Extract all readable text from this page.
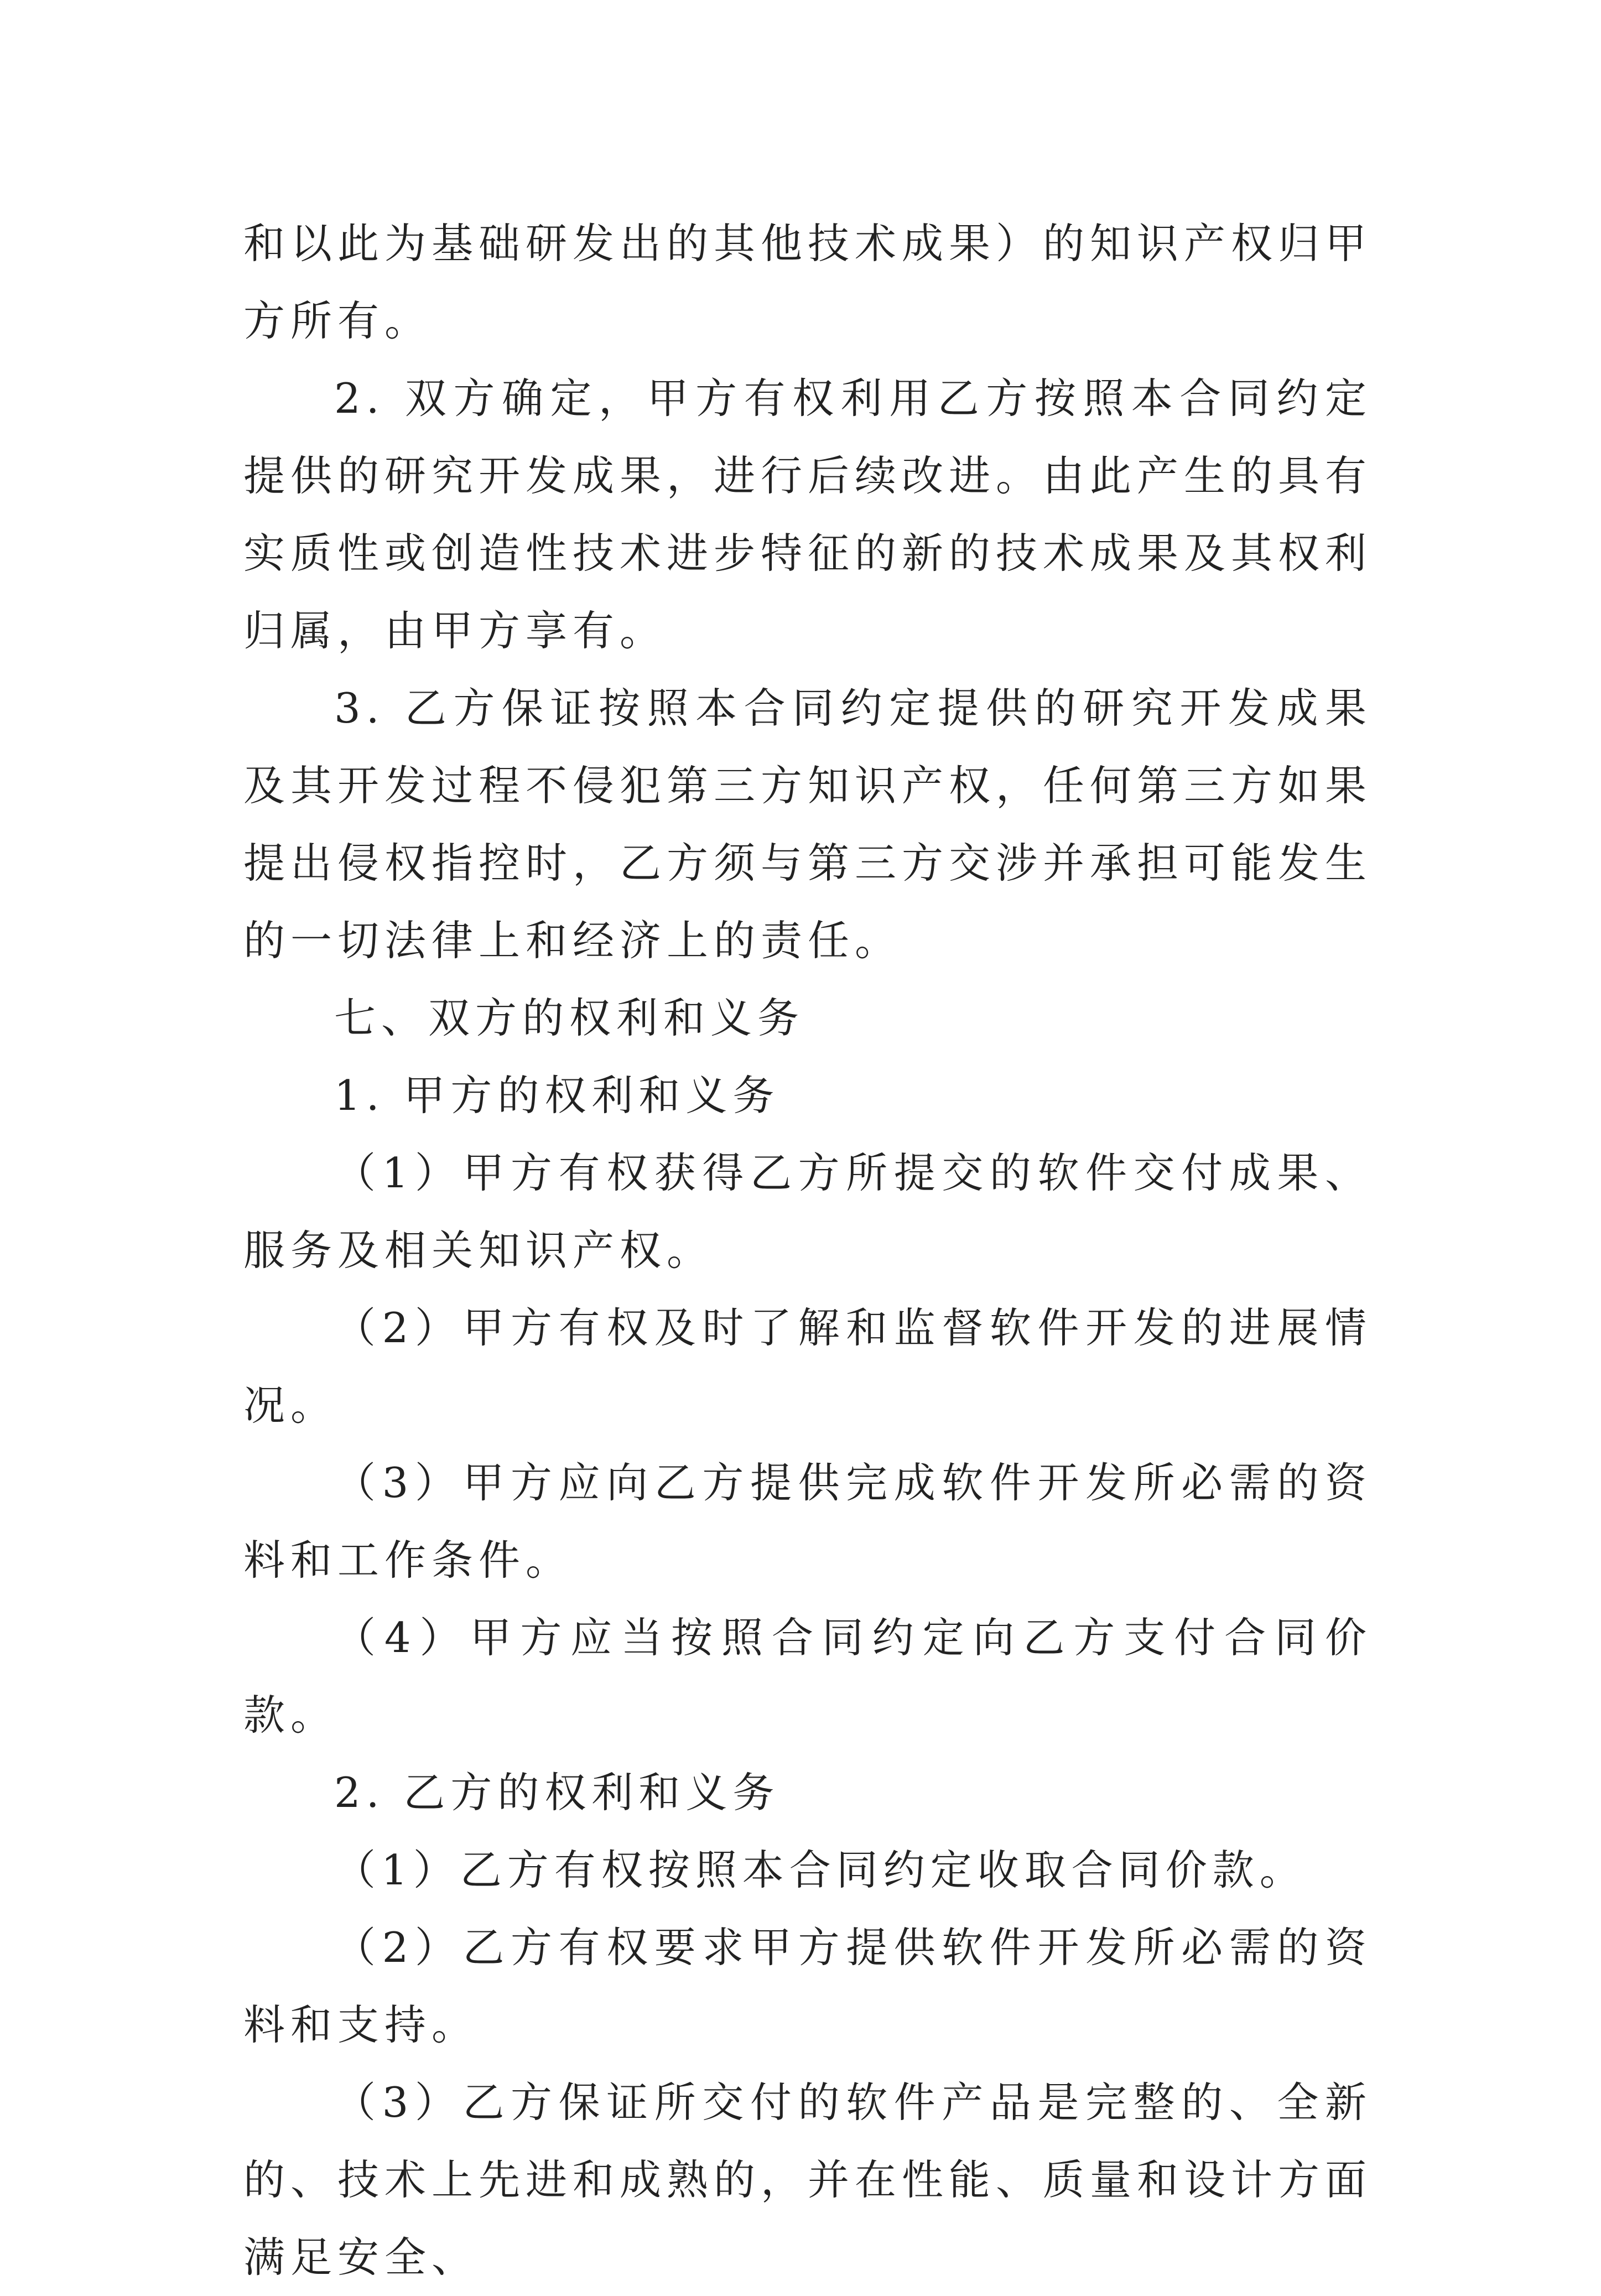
和以此为基础研发出的其他技术成果）的知识产权归甲方所有。

2. 双方确定，甲方有权利用乙方按照本合同约定提供的研究开发成果，进行后续改进。由此产生的具有实质性或创造性技术进步特征的新的技术成果及其权利归属，由甲方享有。

3. 乙方保证按照本合同约定提供的研究开发成果及其开发过程不侵犯第三方知识产权，任何第三方如果提出侵权指控时，乙方须与第三方交涉并承担可能发生的一切法律上和经济上的责任。

七、双方的权利和义务

1. 甲方的权利和义务

（1）甲方有权获得乙方所提交的软件交付成果、服务及相关知识产权。

（2）甲方有权及时了解和监督软件开发的进展情况。

（3）甲方应向乙方提供完成软件开发所必需的资料和工作条件。

（4）甲方应当按照合同约定向乙方支付合同价款。

2. 乙方的权利和义务

（1）乙方有权按照本合同约定收取合同价款。

（2）乙方有权要求甲方提供软件开发所必需的资料和支持。

（3）乙方保证所交付的软件产品是完整的、全新的、技术上先进和成熟的，并在性能、质量和设计方面满足安全、
